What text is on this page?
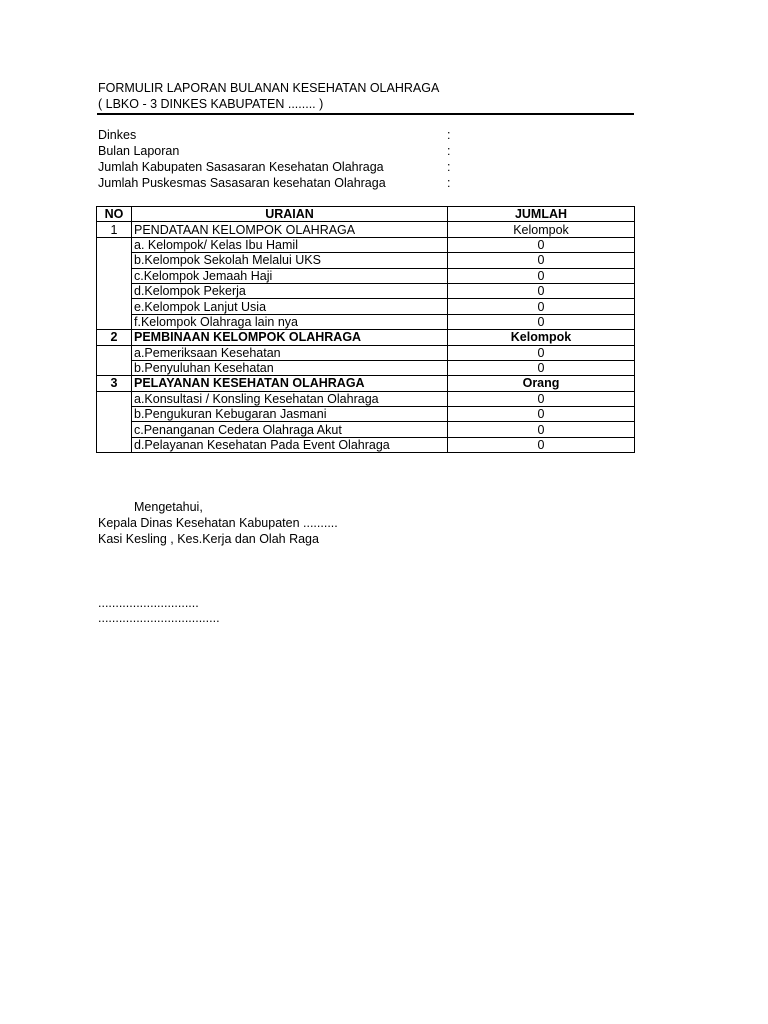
FORMULIR LAPORAN BULANAN KESEHATAN OLAHRAGA
( LBKO - 3 DINKES KABUPATEN ........ )
Dinkes	:
Bulan Laporan	:
Jumlah Kabupaten Sasasaran Kesehatan Olahraga	:
Jumlah Puskesmas Sasasaran kesehatan Olahraga	:
NO	URAIAN	JUMLAH
1	PENDATAAN KELOMPOK OLAHRAGA	Kelompok
	a. Kelompok/ Kelas Ibu Hamil	0
	b.Kelompok Sekolah Melalui UKS	0
	c.Kelompok Jemaah Haji	0
	d.Kelompok Pekerja	0
	e.Kelompok Lanjut Usia	0
	f.Kelompok Olahraga lain nya	0
2	PEMBINAAN KELOMPOK OLAHRAGA	Kelompok
	a.Pemeriksaan Kesehatan	0
	b.Penyuluhan Kesehatan	0
3	PELAYANAN KESEHATAN OLAHRAGA	Orang
	a.Konsultasi / Konsling Kesehatan Olahraga	0
	b.Pengukuran Kebugaran Jasmani	0
	c.Penanganan Cedera Olahraga Akut	0
	d.Pelayanan Kesehatan Pada Event Olahraga	0
Mengetahui,
Kepala Dinas Kesehatan Kabupaten ..........
Kasi Kesling , Kes.Kerja dan Olah Raga
.............................
...................................
